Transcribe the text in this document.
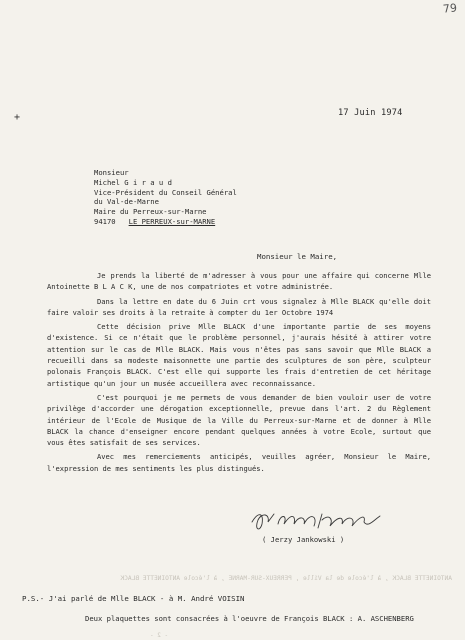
79
+	17 Juin 1974
Monsieur
Michel G i r a u d
Vice-Président du Conseil Général
du Val-de-Marne
Maire du Perreux-sur-Marne
94170 LE PERREUX-sur-MARNE
Monsieur le Maire,

Je prends la liberté de m'adresser à vous pour une affaire qui concerne Mlle Antoinette B L A C K, une de nos compatriotes et votre administrée.

Dans la lettre en date du 6 Juin crt vous signalez à Mlle BLACK qu'elle doit faire valoir ses droits à la retraite à compter du 1er Octobre 1974

Cette décision prive Mlle BLACK d'une importante partie de ses moyens d'existence. Si ce n'était que le problème personnel, j'aurais hésité à attirer votre attention sur le cas de Mlle BLACK. Mais vous n'êtes pas sans savoir que Mlle BLACK a recueilli dans sa modeste maisonnette une partie des sculptures de son père, sculpteur polonais François BLACK. C'est elle qui supporte les frais d'entretien de cet héritage artistique qu'un jour un musée accueillera avec reconnaissance.

C'est pourquoi je me permets de vous demander de bien vouloir user de votre privilège d'accorder une dérogation exceptionnelle, prevue dans l'art. 2 du Règlement intérieur de l'Ecole de Musique de la Ville du Perreux-sur-Marne et de donner à Mlle BLACK la chance d'enseigner encore pendant quelques années à votre Ecole, surtout que vous êtes satisfait de ses services.

Avec mes remerciements anticipés, veuilles agréer, Monsieur le Maire, l'expression de mes sentiments les plus distingués.

( Jerzy Jankowski )
ANTOINETTE BLACK , à l'école de la Ville , PERREUX-SUR-MARNE , à l'école ANTOINETTE BLACK
P.S.- J'ai parlé de Mlle BLACK - à M. André VOISIN
Deux plaquettes sont consacrées à l'oeuvre de François BLACK : A. ASCHENBERG
- 2 -
